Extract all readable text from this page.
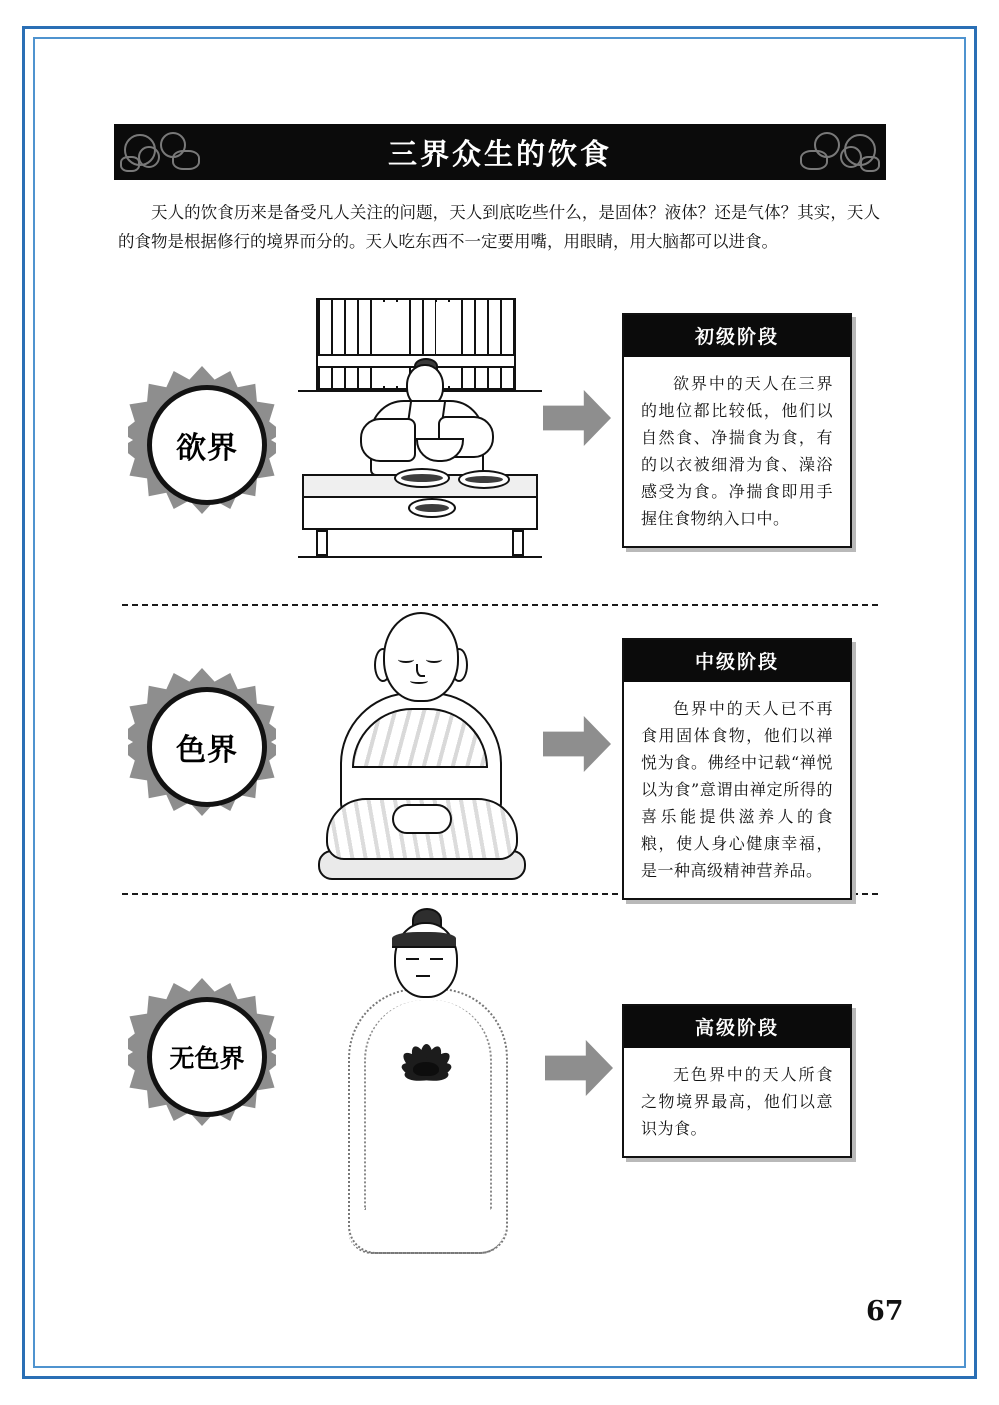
三界众生的饮食
天人的饮食历来是备受凡人关注的问题，天人到底吃些什么，是固体？液体？还是气体？其实，天人的食物是根据修行的境界而分的。天人吃东西不一定要用嘴，用眼睛，用大脑都可以进食。
欲界
初级阶段
欲界中的天人在三界的地位都比较低，他们以自然食、净揣食为食，有的以衣被细滑为食、澡浴感受为食。净揣食即用手握住食物纳入口中。
色界
中级阶段
色界中的天人已不再食用固体食物，他们以禅悦为食。佛经中记载“禅悦以为食”意谓由禅定所得的喜乐能提供滋养人的食粮，使人身心健康幸福，是一种高级精神营养品。
无色界
高级阶段
无色界中的天人所食之物境界最高，他们以意识为食。
67
